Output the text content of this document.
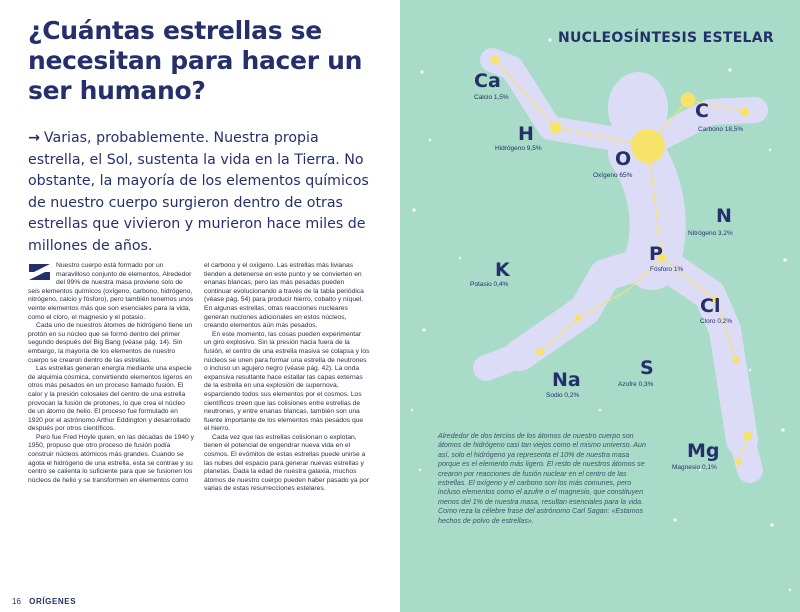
¿Cuántas estrellas se necesitan para hacer un ser humano?

→ Varias, probablemente. Nuestra propia estrella, el Sol, sustenta la vida en la Tierra. No obstante, la mayoría de los elementos químicos de nuestro cuerpo surgieron dentro de otras estrellas que vivieron y murieron hace miles de millones de años.

Nuestro cuerpo está formado por un maravilloso conjunto de elementos. Alrededor del 99% de nuestra masa proviene solo de seis elementos químicos (oxígeno, carbono, hidrógeno, nitrógeno, calcio y fósforo), pero también tenemos unos veinte elementos más que son esenciales para la vida, como el cloro, el magnesio y el potasio.

Cada uno de nuestros átomos de hidrógeno tiene un protón en su núcleo que se formó dentro del primer segundo después del Big Bang (véase pág. 14). Sin embargo, la mayoría de los elementos de nuestro cuerpo se crearon dentro de las estrellas.

Las estrellas generan energía mediante una especie de alquimia cósmica, convirtiendo elementos ligeros en otros más pesados en un proceso llamado fusión. El calor y la presión colosales del centro de una estrella provocan la fusión de protones, lo que crea el núcleo de un átomo de helio. El proceso fue formulado en 1920 por el astrónomo Arthur Eddington y desarrollado después por otros científicos.

Pero fue Fred Hoyle quien, en las décadas de 1940 y 1950, propuso que otro proceso de fusión podía construir núcleos atómicos más grandes. Cuando se agota el hidrógeno de una estrella, esta se contrae y su centro se calienta lo suficiente para que se fusionen los núcleos de helio y se transformen en elementos como

el carbono y el oxígeno. Las estrellas más livianas tienden a detenerse en este punto y se convierten en enanas blancas, pero las más pesadas pueden continuar evolucionando a través de la tabla periódica (véase pág. 54) para producir hierro, cobalto y níquel. En algunas estrellas, otras reacciones nucleares generan nuclones adicionales en estos núcleos, creando elementos aún más pesados.

En este momento, las cosas pueden experimentar un giro explosivo. Sin la presión hacia fuera de la fusión, el centro de una estrella masiva se colapsa y los núcleos se unen para formar una estrella de neutrones o incluso un agujero negro (véase pág. 42). La onda expansiva resultante hace estallar las capas externas de la estrella en una explosión de supernova, esparciendo todos sus elementos por el cosmos. Los científicos creen que las colisiones entre estrellas de neutrones, y entre enanas blancas, también son una fuente importante de los elementos más pesados que el hierro.

Cada vez que las estrellas colisionan o explotan, tienen el potencial de engendrar nueva vida en el cosmos. El evómitos de estas estrellas puede unirse a las nubes del espacio para generar nuevas estrellas y planetas. Dada la edad de nuestra galaxia, muchos átomos de nuestro cuerpo pueden haber pasado ya por varias de estas resurrecciones estelares.

16 ORÍGENES
NUCLEOSÍNTESIS ESTELAR
Ca
Calcio 1,5%
H
Hidrógeno 9,5%
C
Carbono 18,5%
O
Oxígeno 65%
N
Nitrógeno 3,2%
P
Fósforo 1%
K
Potasio 0,4%
Cl
Cloro 0,2%
S
Azufre 0,3%
Na
Sodio 0,2%
Mg
Magnesio 0,1%

Alrededor de dos tercios de los átomos de nuestro cuerpo son átomos de hidrógeno casi tan viejos como el mismo universo. Aun así, solo el hidrógeno ya representa el 10% de nuestra masa porque es el elemento más ligero. El resto de nuestros átomos se crearon por reacciones de fusión nuclear en el centro de las estrellas. El oxígeno y el carbono son los más comunes, pero incluso elementos como el azufre o el magnesio, que constituyen menos del 1% de nuestra masa, resultan esenciales para la vida. Como reza la célebre frase del astrónomo Carl Sagan: «Estamos hechos de polvo de estrellas».
